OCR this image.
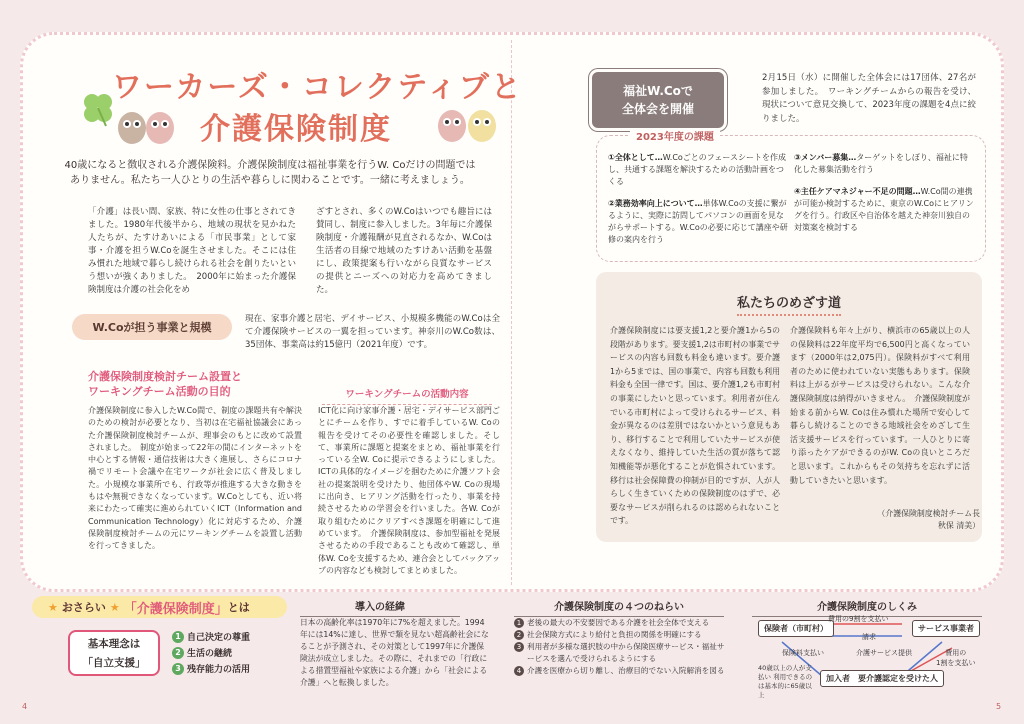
ワーカーズ・コレクティブと
介護保険制度
40歳になると徴収される介護保険料。介護保険制度は福祉事業を行うW. Coだけの問題ではありません。私たち一人ひとりの生活や暮らしに関わることです。一緒に考えましょう。
「介護」は長い間、家族、特に女性の仕事とされてきました。1980年代後半から、地域の現状を見かねた人たちが、たすけあいによる「市民事業」として家事・介護を担うW.Coを誕生させました。そこには住み慣れた地域で暮らし続けられる社会を創りたいという想いが強くありました。　2000年に始まった介護保険制度は介護の社会化をめ
ざすとされ、多くのW.Coはいつでも趣旨には賛同し、制度に参入しました。3年毎に介護保険制度・介護報酬が見直されるなか、W.Coは生活者の目線で地域のたすけあい活動を基盤にし、政策提案も行いながら良質なサービスの提供とニーズへの対応力を高めてきました。
W.Coが担う事業と規模
現在、家事介護と居宅、デイサービス、小規模多機能のW.Coは全て介護保険サービスの一翼を担っています。神奈川のW.Co数は、35団体、事業高は約15億円（2021年度）です。
介護保険制度検討チーム設置と
ワーキングチーム活動の目的
介護保険制度に参入したW.Co間で、制度の課題共有や解決のための検討が必要となり、当初は在宅福祉協議会にあった介護保険制度検討チームが、理事会のもとに改めて設置されました。　制度が始まって22年の間にインターネットを中心とする情報・通信技術は大きく進展し、さらにコロナ禍でリモート会議や在宅ワークが社会に広く普及しました。小規模な事業所でも、行政等が推進する大きな動きをもはや無視できなくなっています。W.Coとしても、近い将来にわたって確実に進められていくICT（Information and Communication Technology）化に対応するため、介護保険制度検討チームの元にワーキングチームを設置し活動を行ってきました。
ワーキングチームの活動内容
ICT化に向け家事介護・居宅・デイサービス部門ごとにチームを作り、すでに着手しているW. Coの報告を受けてその必要性を確認しました。そして、事業所に課題と提案をまとめ、福祉事業を行っている全W. Coに提示できるようにしました。ICTの具体的なイメージを掴むために介護ソフト会社の提案説明を受けたり、他団体やW. Coの現場に出向き、ヒアリング活動を行ったり、事業を持続させるための学習会を行いました。各W. Coが取り組むためにクリアすべき課題を明確にして進めています。　介護保険制度は、参加型福祉を発展させるための手段であることも改めて確認し、単体W. Coを支援するため、連合会としてバックアップの内容なども検討してまとめました。
福祉W.Coで
全体会を開催
2月15日（水）に開催した全体会には17団体、27名が参加しました。　ワーキングチームからの報告を受け、現状について意見交換して、2023年度の課題を4点に絞りました。
2023年度の課題
①全体として…W.Coごとのフェースシートを作成し、共通する課題を解決するための活動計画をつくる
②業務効率向上について…単体W.Coの支援に繋がるように、実際に訪問してパソコンの画面を見ながらサポートする。W.Coの必要に応じて講座や研修の案内を行う
③メンバー募集…ターゲットをしぼり、福祉に特化した募集活動を行う
④主任ケアマネジャー不足の問題…W.Co間の連携が可能か検討するために、東京のW.Coにヒアリングを行う。行政区や自治体を越えた神奈川独自の対策案を検討する
私たちのめざす道
介護保険制度には要支援1,2と要介護1から5の段階があります。要支援1,2は市町村の事業でサービスの内容も回数も料金も違います。要介護1から5までは、国の事業で、内容も回数も利用料金も全国一律です。国は、要介護1,2も市町村の事業にしたいと思っています。利用者が住んでいる市町村によって受けられるサービス、料金が異なるのは差別ではないかという意見もあり、移行することで利用していたサービスが使えなくなり、維持していた生活の質が落ちて認知機能等が悪化することが危惧されています。移行は社会保障費の抑制が目的ですが、人が人らしく生きていくための保険制度のはずで、必要なサービスが削られるのは認められないことです。
介護保険料も年々上がり、横浜市の65歳以上の人の保険料は22年度平均で6,500円と高くなっています（2000年は2,075円）。保険料がすべて利用者のために使われていない実態もあります。保険料は上がるがサービスは受けられない。こんな介護保険制度は納得がいきません。　介護保険制度が始まる前からW. Coは住み慣れた場所で安心して暮らし続けることのできる地域社会をめざして生活支援サービスを行っています。一人ひとりに寄り添ったケアができるのがW. Coの良いところだと思います。これからもその気持ちを忘れずに活動していきたいと思います。
（介護保険制度検討チーム長
秋保 清美）
★ おさらい ★ 「介護保険制度」 とは
基本理念は
「自立支援」
1 自己決定の尊重
2 生活の継続
3 残存能力の活用
導入の経緯
日本の高齢化率は1970年に7%を超えました。1994年には14%に達し、世界で類を見ない超高齢社会になることが予測され、その対策として1997年に介護保険法が成立しました。その際に、それまでの「行政による措置型福祉や家族による介護」から「社会による介護」へと転換しました。
介護保険制度の４つのねらい
1 老後の最大の不安要因である介護を社会全体で支える
2 社会保険方式により給付と負担の関係を明確にする
3 利用者が多様な選択肢の中から保険医療サービス・福祉サービスを選んで受けられるようにする
4 介護を医療から切り離し、治療目的でない入院解消を図る
介護保険制度のしくみ
保険者（市町村）	サービス事業者
加入者　要介護認定を受けた人
費用の9割を支払い
請求
保険料支払い	介護サービス提供	費用の
1割を支払い
40歳以上の人が支払い 利用できるのは基本的に65歳以上
4	5
